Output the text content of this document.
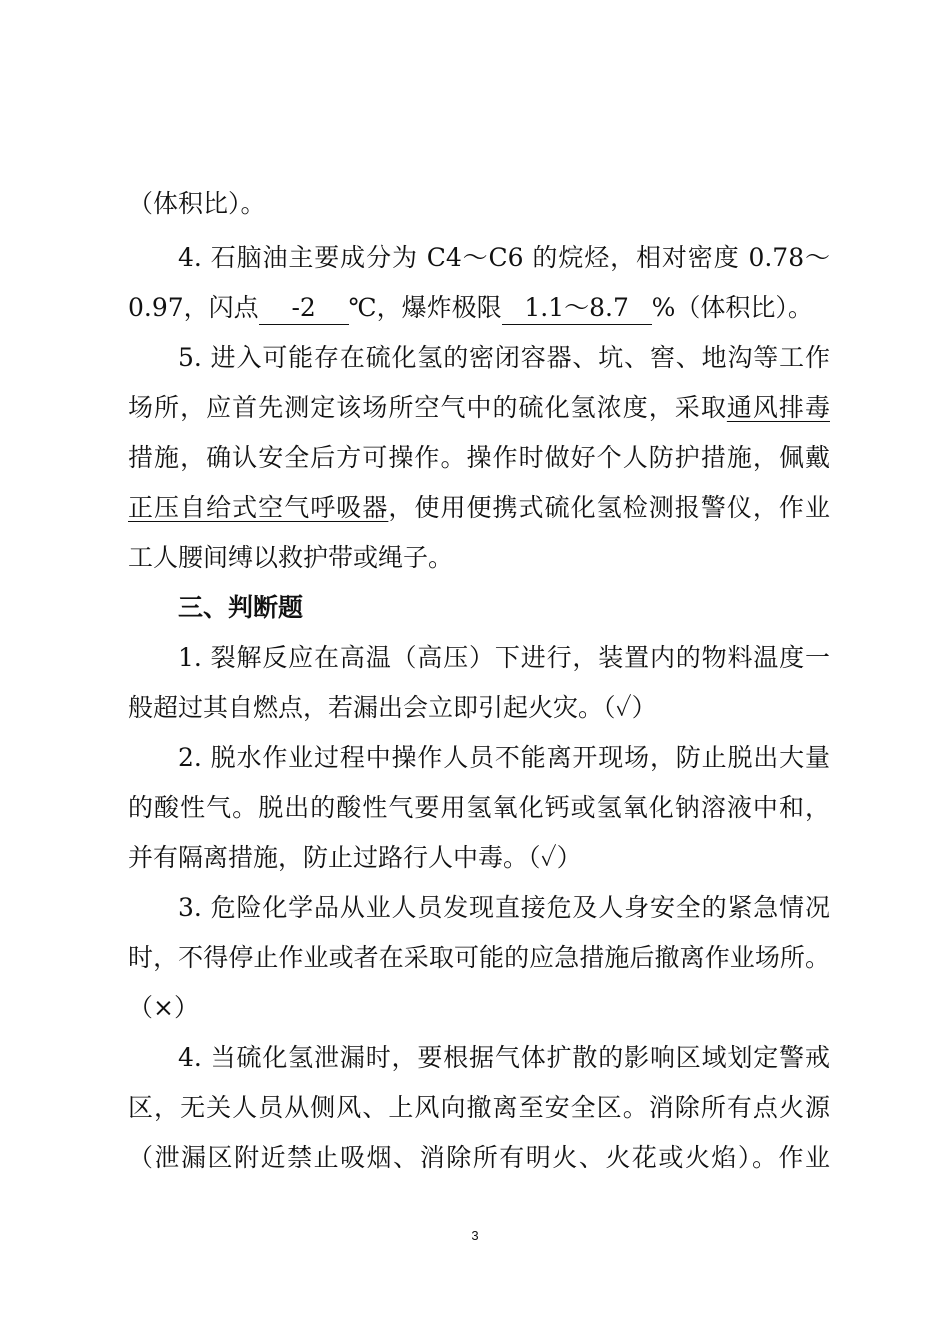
（体积比）。
4. 石脑油主要成分为 C4～C6 的烷烃，相对密度 0.78～
0.97，闪点 -2 ℃，爆炸极限 1.1～8.7 %（体积比）。
5. 进入可能存在硫化氢的密闭容器、坑、窖、地沟等工作
场所，应首先测定该场所空气中的硫化氢浓度，采取通风排毒
措施，确认安全后方可操作。操作时做好个人防护措施，佩戴
正压自给式空气呼吸器，使用便携式硫化氢检测报警仪，作业
工人腰间缚以救护带或绳子。
三、判断题
1. 裂解反应在高温（高压）下进行，装置内的物料温度一
般超过其自燃点，若漏出会立即引起火灾。（✓）
2. 脱水作业过程中操作人员不能离开现场，防止脱出大量
的酸性气。脱出的酸性气要用氢氧化钙或氢氧化钠溶液中和，
并有隔离措施，防止过路行人中毒。（✓）
3. 危险化学品从业人员发现直接危及人身安全的紧急情况
时，不得停止作业或者在采取可能的应急措施后撤离作业场所。
（×）
4. 当硫化氢泄漏时，要根据气体扩散的影响区域划定警戒
区，无关人员从侧风、上风向撤离至安全区。消除所有点火源
（泄漏区附近禁止吸烟、消除所有明火、火花或火焰）。作业
3
